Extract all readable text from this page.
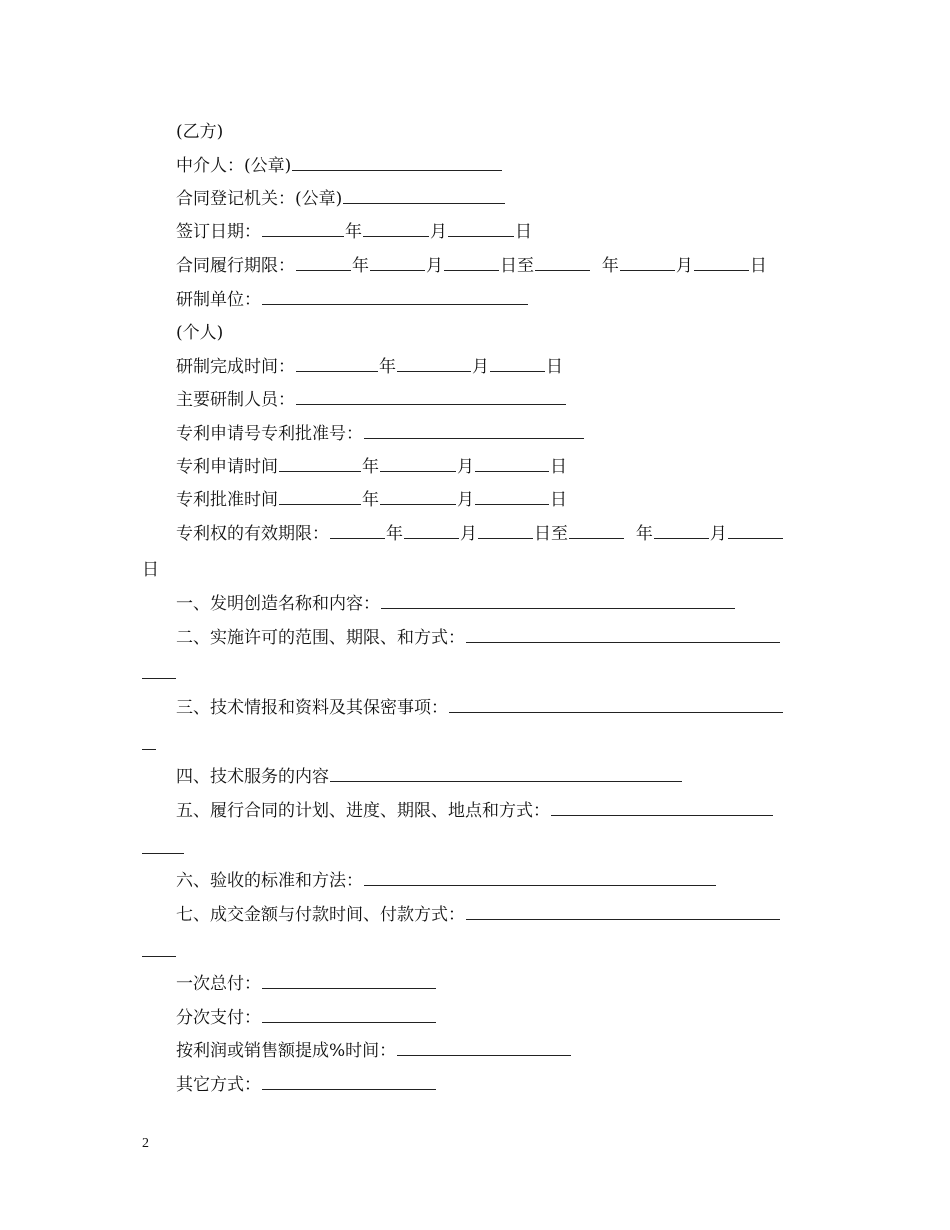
(乙方)
中介人：(公章)
合同登记机关：(公章)
签订日期：	年	月	日
合同履行期限：	年	月	日至	年	月	日
研制单位：
(个人)
研制完成时间：	年	月	日
主要研制人员：
专利申请号专利批准号：
专利申请时间	年	月	日
专利批准时间	年	月	日
专利权的有效期限：	年	月	日至	年	月
日
一、发明创造名称和内容：
二、实施许可的范围、期限、和方式：
三、技术情报和资料及其保密事项：
四、技术服务的内容
五、履行合同的计划、进度、期限、地点和方式：
六、验收的标准和方法：
七、成交金额与付款时间、付款方式：
一次总付：
分次支付：
按利润或销售额提成%时间：
其它方式：
2
